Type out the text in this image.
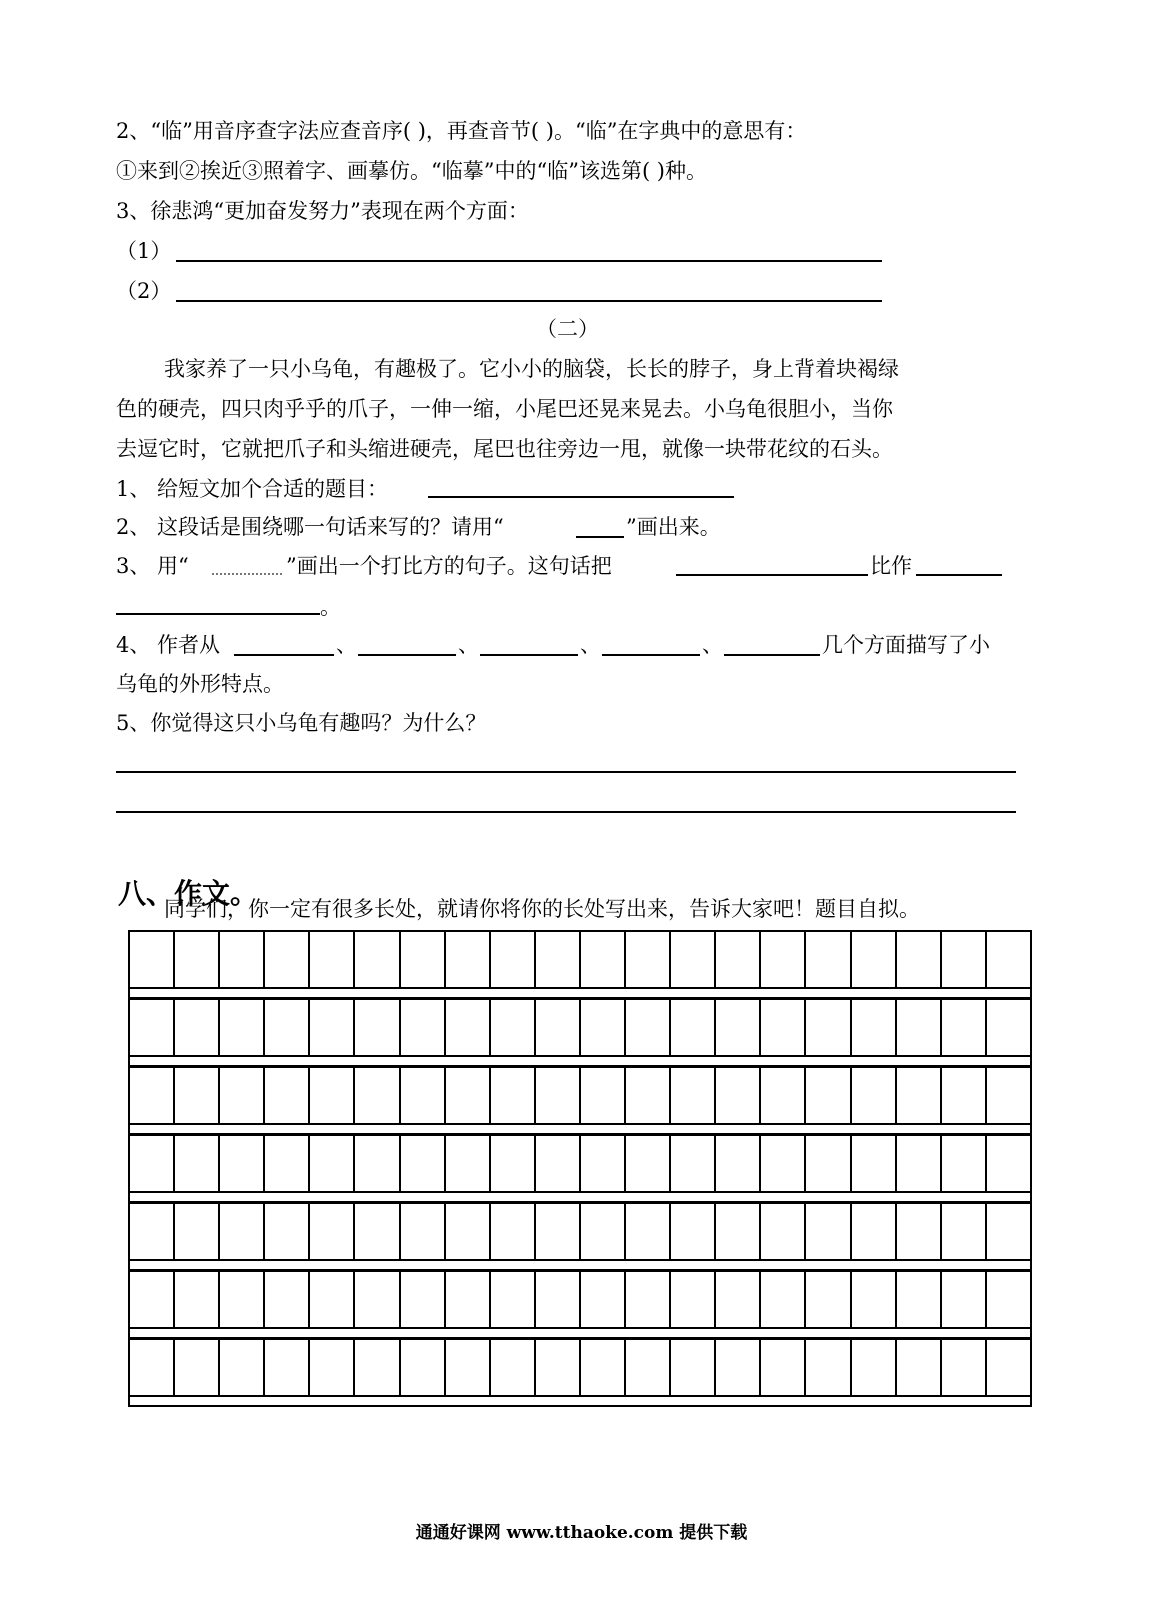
2、“临”用音序查字法应查音序( )，再查音节( )。“临”在字典中的意思有：
①来到②挨近③照着字、画摹仿。“临摹”中的“临”该选第( )种。
3、徐悲鸿“更加奋发努力”表现在两个方面：
（1）
（2）
（二）
我家养了一只小乌龟，有趣极了。它小小的脑袋，长长的脖子，身上背着块褐绿
色的硬壳，四只肉乎乎的爪子，一伸一缩，小尾巴还晃来晃去。小乌龟很胆小，当你
去逗它时，它就把爪子和头缩进硬壳，尾巴也往旁边一甩，就像一块带花纹的石头。
1、 给短文加个合适的题目：
2、 这段话是围绕哪一句话来写的？请用“	”画出来。
3、 用“	”画出一个打比方的句子。这句话把	比作
。
4、 作者从	、	、	、	、	几个方面描写了小
乌龟的外形特点。
5、你觉得这只小乌龟有趣吗？为什么？
八、作文。
同学们，你一定有很多长处，就请你将你的长处写出来，告诉大家吧！题目自拟。
通通好课网 www.tthaoke.com 提供下载
